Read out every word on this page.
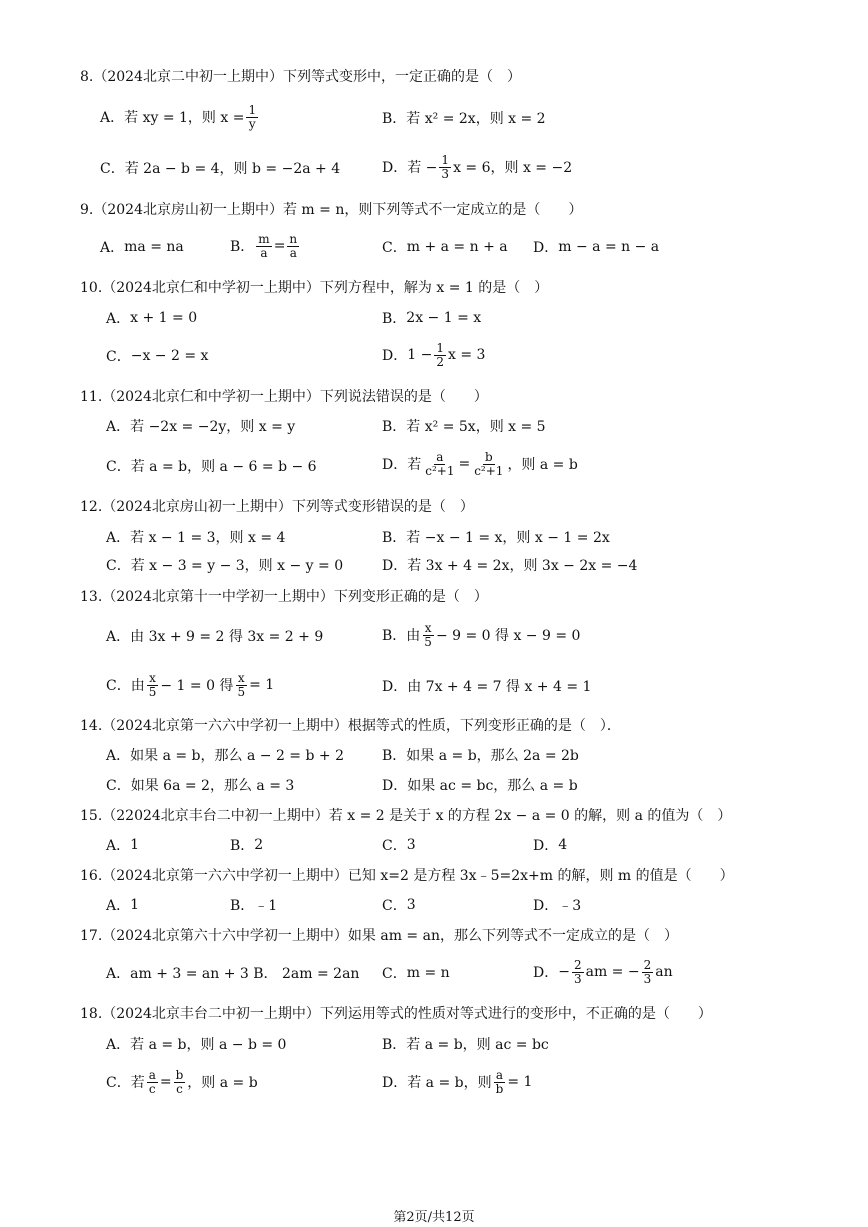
8.（2024北京二中初一上期中）下列等式变形中，一定正确的是（　）
A． 若 xy = 1，则 $x = \frac{1}{y}$	B． 若 x² = 2x，则 x = 2
C． 若 2a − b = 4，则 b = −2a + 4	D． 若 − $\frac{1}{3}$ x = 6，则 x = −2
9.（2024北京房山初一上期中）若 m = n，则下列等式不一定成立的是（　　）
A． ma = na	B． $\frac{m}{a} = \frac{n}{a}$	C． m + a = n + a D． m − a = n − a
10.（2024北京仁和中学初一上期中）下列方程中，解为 x = 1 的是（　）
A． x + 1 = 0	B． 2x − 1 = x
C． −x − 2 = x	D． $1 - \frac{1}{2}$ x = 3
11.（2024北京仁和中学初一上期中）下列说法错误的是（　　）
A． 若 −2x = −2y，则 x = y	B． 若 x² = 5x，则 x = 5
C． 若 a = b，则 a − 6 = b − 6	D． 若 $\frac{a}{\text{c²+1}} = \frac{b}{\text{c²+1}}$ ，则 a = b
12.（2024北京房山初一上期中）下列等式变形错误的是（　）
A． 若 x − 1 = 3，则 x = 4	B． 若 −x − 1 = x，则 x − 1 = 2x
C． 若 x − 3 = y − 3，则 x − y = 0	D． 若 3x + 4 = 2x，则 3x − 2x = −4
13.（2024北京第十一中学初一上期中）下列变形正确的是（　）
A． 由 3x + 9 = 2 得 3x = 2 + 9	B． 由 $\frac{x}{5} - 9 = 0$ 得 x − 9 = 0
C． 由 $\frac{x}{5} - 1 = 0$ 得 $\frac{x}{5} = 1$	D． 由 7x + 4 = 7 得 x + 4 = 1
14.（2024北京第一六六中学初一上期中）根据等式的性质，下列变形正确的是（　）．
A． 如果 a = b，那么 a − 2 = b + 2	B． 如果 a = b，那么 2a = 2b
C． 如果 6a = 2，那么 a = 3	D． 如果 ac = bc，那么 a = b
15.（22024北京丰台二中初一上期中）若 x = 2 是关于 x 的方程 2x − a = 0 的解，则 a 的值为（　）
A． 1	B． 2	C． 3	D． 4
16.（2024北京第一六六中学初一上期中）已知 x=2 是方程 3x﹣5=2x+m 的解，则 m 的值是（　　）
A． 1	B． ﹣1	C． 3	D． ﹣3
17.（2024北京第六十六中学初一上期中）如果 am = an，那么下列等式不一定成立的是（　）
A． am + 3 = an + 3 B． 2am = 2an C． m = n	D． − $\frac{2}{3}$ am = − $\frac{2}{3}$ an
18.（2024北京丰台二中初一上期中）下列运用等式的性质对等式进行的变形中，不正确的是（　　）
A． 若 a = b，则 a − b = 0	B． 若 a = b，则 ac = bc
C． 若 $\frac{a}{c} = \frac{b}{c}$ ，则 a = b	D． 若 a = b，则 $\frac{a}{b} = 1$
第2页/共12页
